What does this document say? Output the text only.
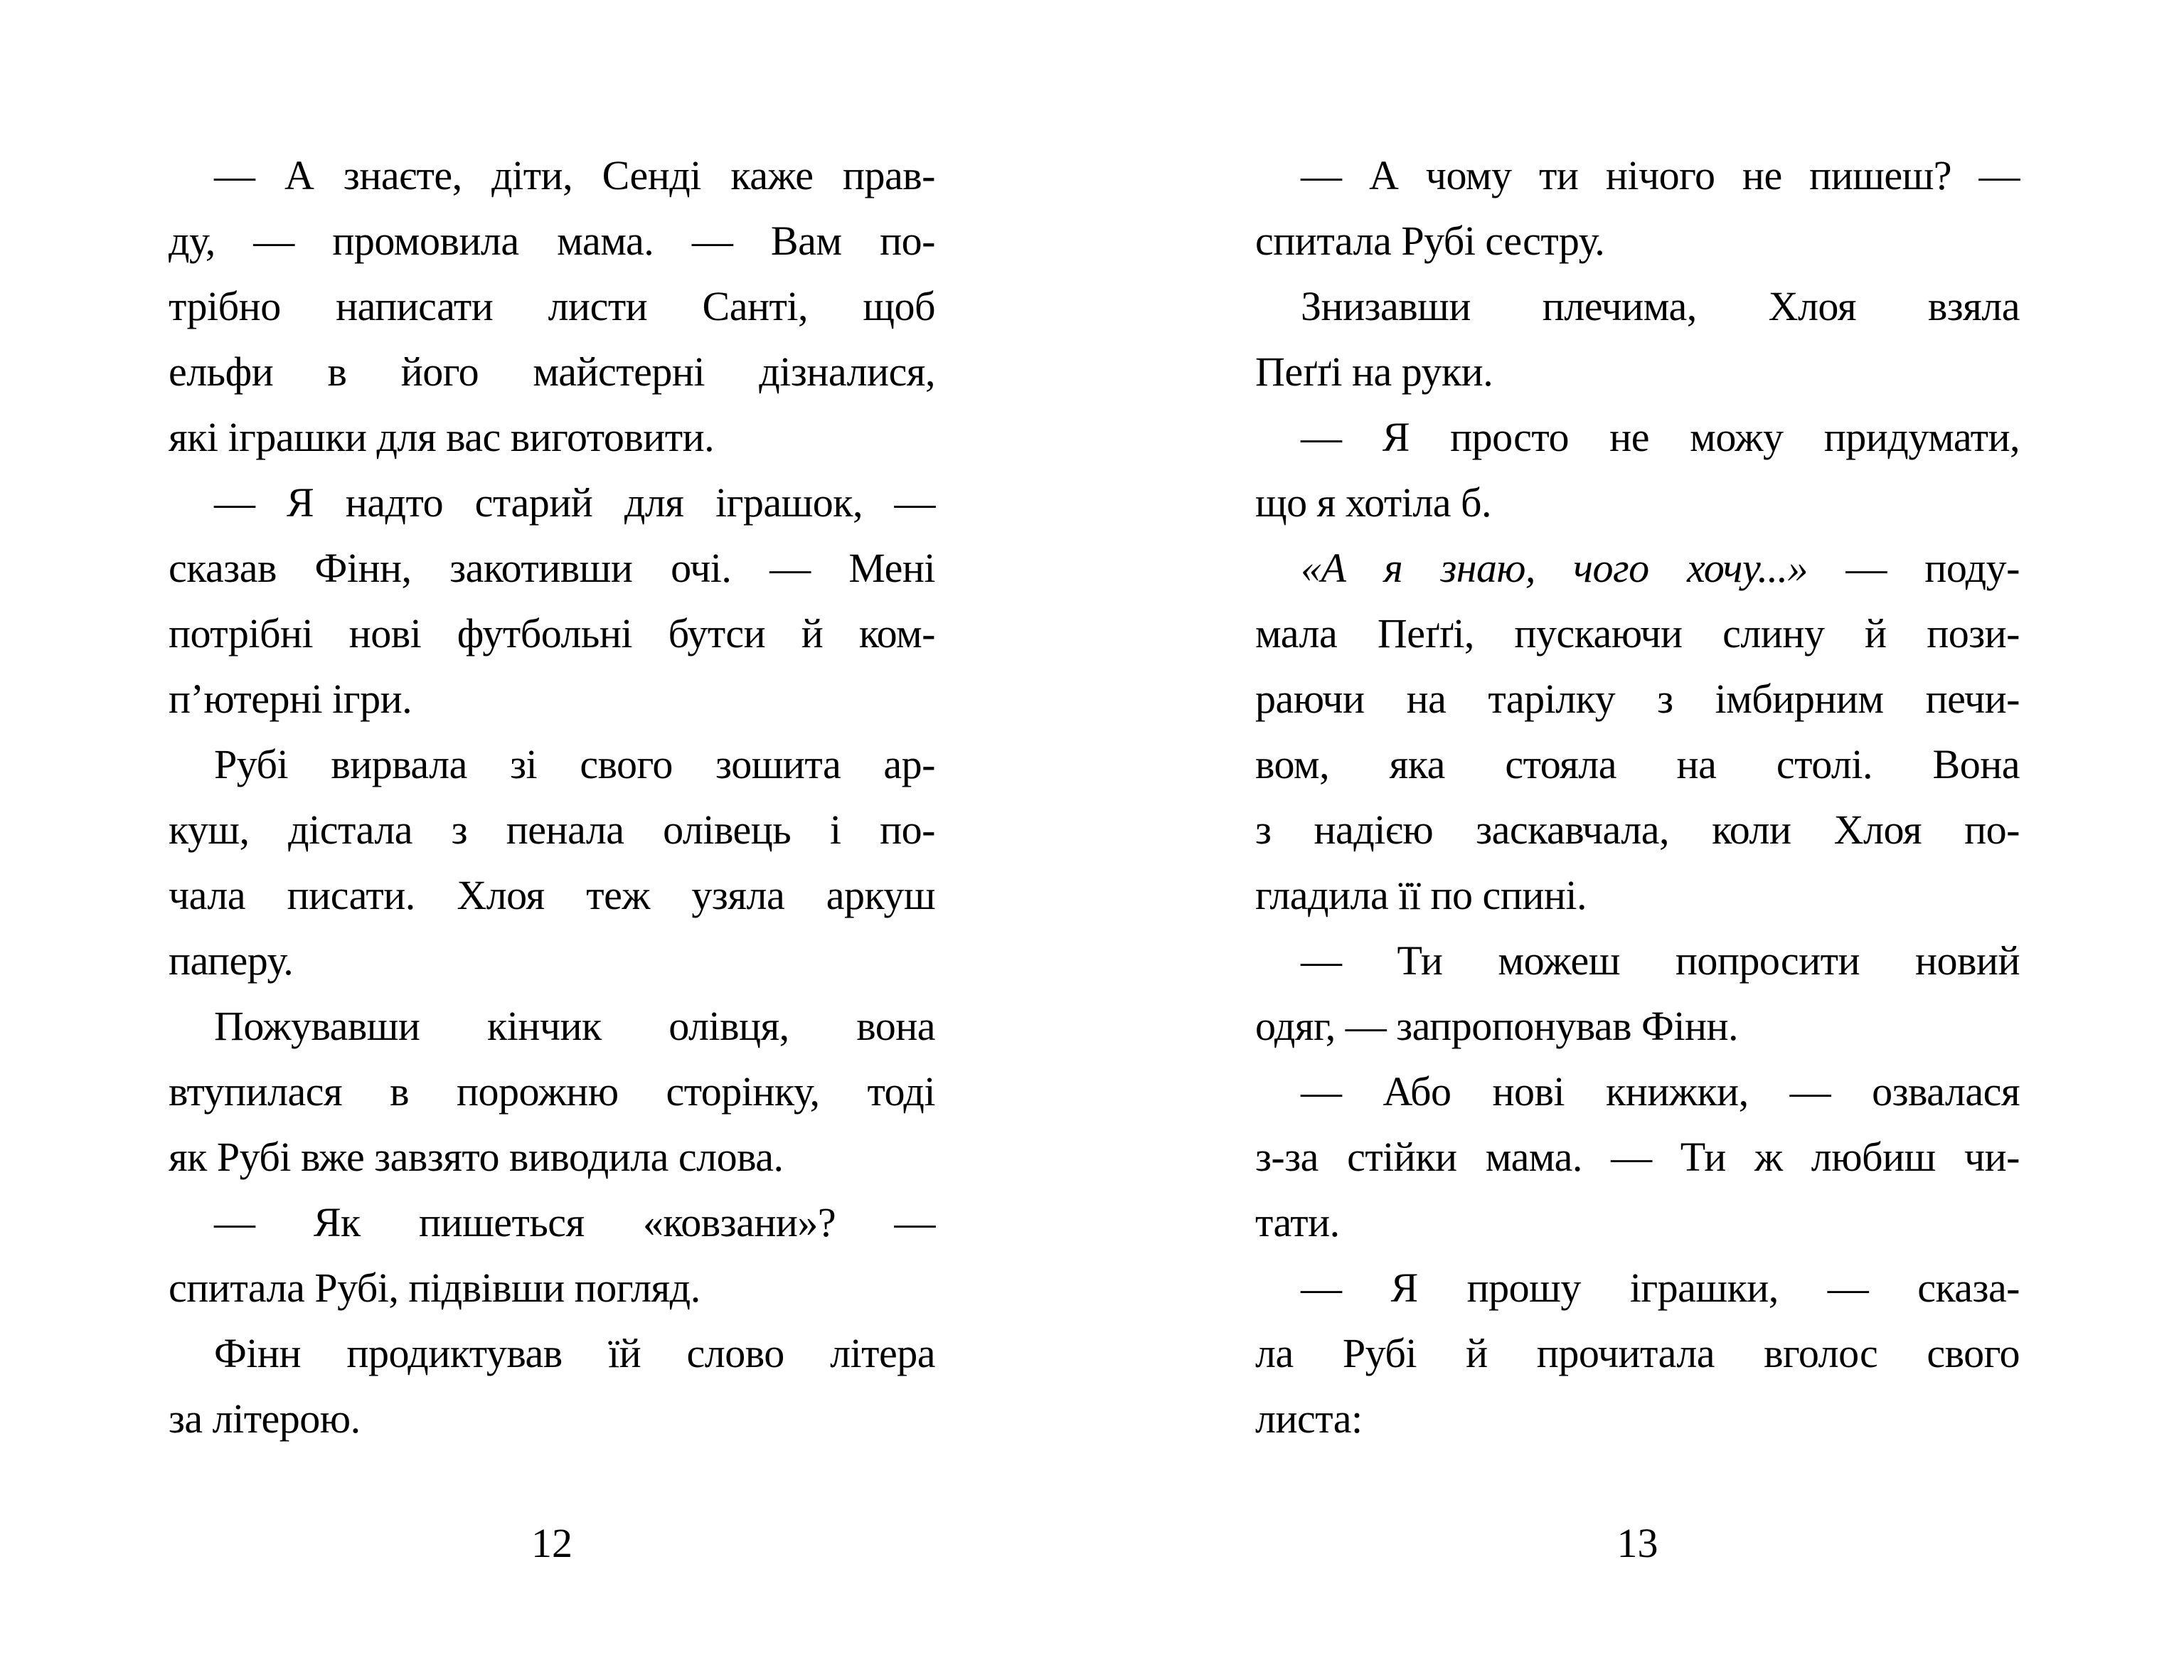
— А знаєте, діти, Сенді каже прав-
ду, — промовила мама. — Вам по-
трібно написати листи Санті, щоб
ельфи в його майстерні дізналися,
які іграшки для вас виготовити.
— Я надто старий для іграшок, —
сказав Фінн, закотивши очі. — Мені
потрібні нові футбольні бутси й ком-
п’ютерні ігри.
Рубі вирвала зі свого зошита ар-
куш, дістала з пенала олівець і по-
чала писати. Хлоя теж узяла аркуш
паперу.
Пожувавши кінчик олівця, вона
втупилася в порожню сторінку, тоді
як Рубі вже завзято виводила слова.
— Як пишеться «ковзани»? —
спитала Рубі, підвівши погляд.
Фінн продиктував їй слово літера
за літерою.
12
— А чому ти нічого не пишеш? —
спитала Рубі сестру.
Знизавши плечима, Хлоя взяла
Пеґґі на руки.
— Я просто не можу придумати,
що я хотіла б.
«А я знаю, чого хочу...» — поду-
мала Пеґґі, пускаючи слину й пози-
раючи на тарілку з імбирним печи-
вом, яка стояла на столі. Вона
з надією заскавчала, коли Хлоя по-
гладила її по спині.
— Ти можеш попросити новий
одяг, — запропонував Фінн.
— Або нові книжки, — озвалася
з-за стійки мама. — Ти ж любиш чи-
тати.
— Я прошу іграшки, — сказа-
ла Рубі й прочитала вголос свого
листа:
13
